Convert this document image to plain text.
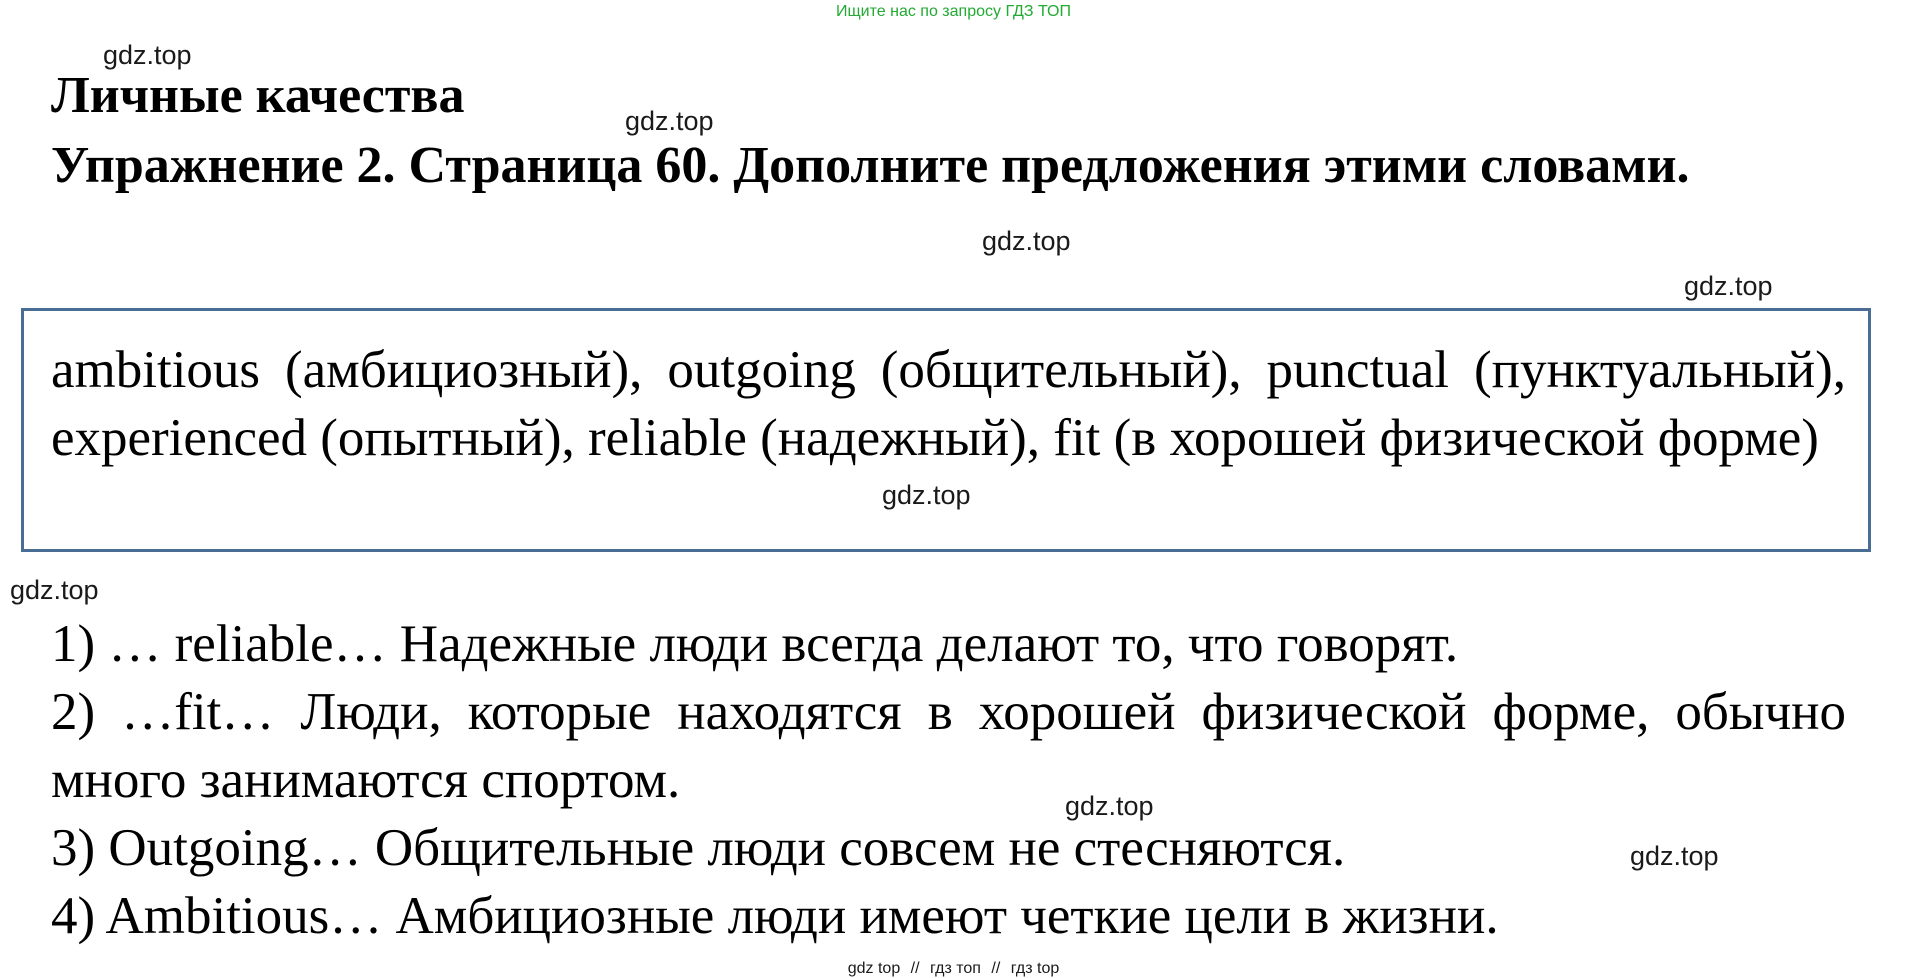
Ищите нас по запросу ГДЗ ТОП
gdz.top
Личные качества	gdz.top

Упражнение 2. Страница 60. Дополните предложения этими словами.

gdz.top
gdz.top

ambitious (амбициозный), outgoing (общительный), punctual (пунктуальный), experienced (опытный), reliable (надежный), fit (в хорошей физической форме)

gdz.top
gdz.top
1) … reliable… Надежные люди всегда делают то, что говорят.
2) …fit… Люди, которые находятся в хорошей физической форме, обычно много занимаются спортом.
3) Outgoing… Общительные люди совсем не стесняются.
4) Ambitious… Амбициозные люди имеют четкие цели в жизни.
gdz.top
gdz.top
gdz top // гдз топ // гдз top
